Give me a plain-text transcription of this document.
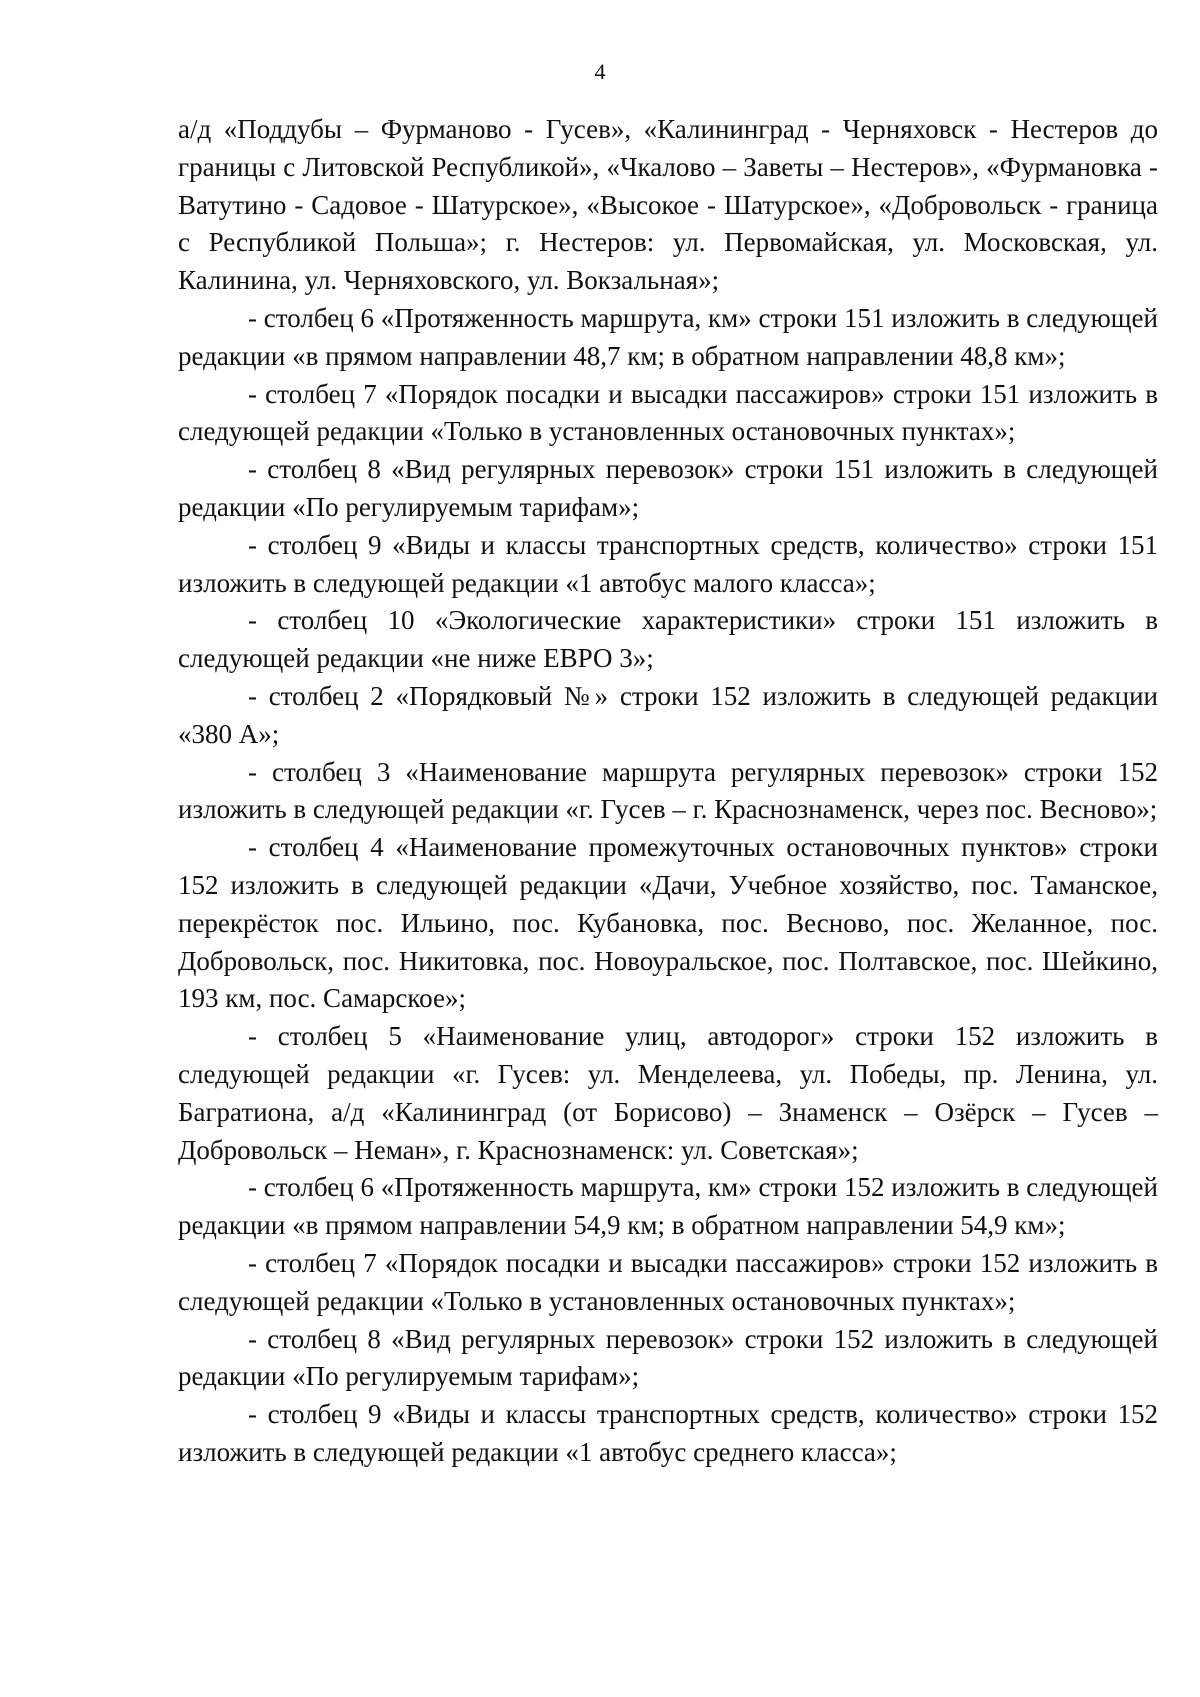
4

а/д «Поддубы – Фурманово - Гусев», «Калининград - Черняховск - Нестеров до границы с Литовской Республикой», «Чкалово – Заветы – Нестеров», «Фурмановка - Ватутино - Садовое - Шатурское», «Высокое - Шатурское», «Добровольск - граница с Республикой Польша»; г. Нестеров: ул. Первомайская, ул. Московская, ул. Калинина, ул. Черняховского, ул. Вокзальная»;

- столбец 6 «Протяженность маршрута, км» строки 151 изложить в следующей редакции «в прямом направлении 48,7 км; в обратном направлении 48,8 км»;

- столбец 7 «Порядок посадки и высадки пассажиров» строки 151 изложить в следующей редакции «Только в установленных остановочных пунктах»;

- столбец 8 «Вид регулярных перевозок» строки 151 изложить в следующей редакции «По регулируемым тарифам»;

- столбец 9 «Виды и классы транспортных средств, количество» строки 151 изложить в следующей редакции «1 автобус малого класса»;

- столбец 10 «Экологические характеристики» строки 151 изложить в следующей редакции «не ниже ЕВРО 3»;

- столбец 2 «Порядковый №» строки 152 изложить в следующей редакции «380 А»;

- столбец 3 «Наименование маршрута регулярных перевозок» строки 152 изложить в следующей редакции «г. Гусев – г. Краснознаменск, через пос. Весново»;

- столбец 4 «Наименование промежуточных остановочных пунктов» строки 152 изложить в следующей редакции «Дачи, Учебное хозяйство, пос. Таманское, перекрёсток пос. Ильино, пос. Кубановка, пос. Весново, пос. Желанное, пос. Добровольск, пос. Никитовка, пос. Новоуральское, пос. Полтавское, пос. Шейкино, 193 км, пос. Самарское»;

- столбец 5 «Наименование улиц, автодорог» строки 152 изложить в следующей редакции «г. Гусев: ул. Менделеева, ул. Победы, пр. Ленина, ул. Багратиона, а/д «Калининград (от Борисово) – Знаменск – Озёрск – Гусев – Добровольск – Неман», г. Краснознаменск: ул. Советская»;

- столбец 6 «Протяженность маршрута, км» строки 152 изложить в следующей редакции «в прямом направлении 54,9 км; в обратном направлении 54,9 км»;

- столбец 7 «Порядок посадки и высадки пассажиров» строки 152 изложить в следующей редакции «Только в установленных остановочных пунктах»;

- столбец 8 «Вид регулярных перевозок» строки 152 изложить в следующей редакции «По регулируемым тарифам»;

- столбец 9 «Виды и классы транспортных средств, количество» строки 152 изложить в следующей редакции «1 автобус среднего класса»;
